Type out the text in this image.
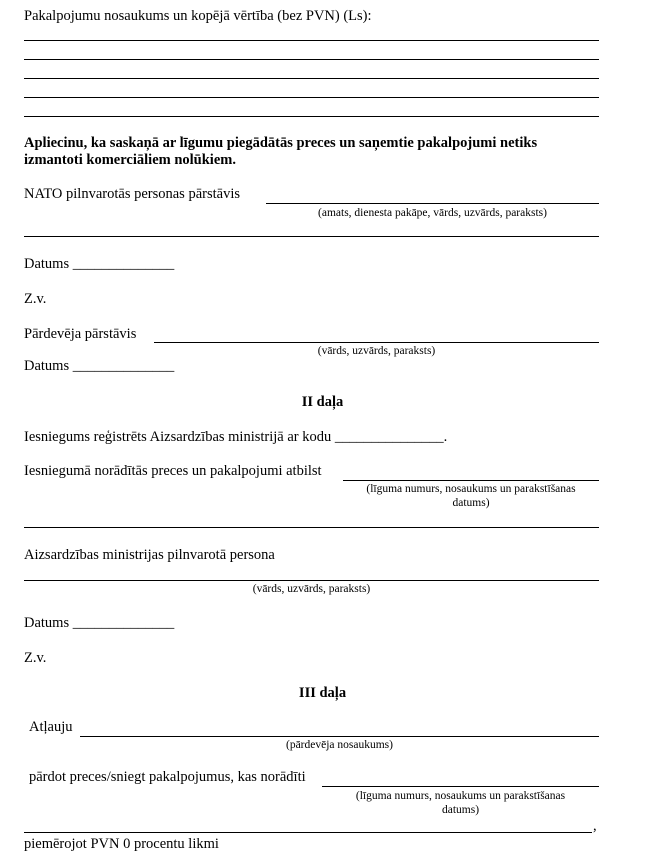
Pakalpojumu nosaukums un kopējā vērtība (bez PVN) (Ls):
Apliecinu, ka saskaņā ar līgumu piegādātās preces un saņemtie pakalpojumi netiks
izmantoti komerciāliem nolūkiem.
NATO pilnvarotās personas pārstāvis
(amats, dienesta pakāpe, vārds, uzvārds, paraksts)
Datums ______________
Z.v.
Pārdevēja pārstāvis
(vārds, uzvārds, paraksts)
Datums ______________
II daļa
Iesniegums reģistrēts Aizsardzības ministrijā ar kodu _______________.
Iesniegumā norādītās preces un pakalpojumi atbilst
(līguma numurs, nosaukums un parakstīšanas
datums)
Aizsardzības ministrijas pilnvarotā persona
(vārds, uzvārds, paraksts)
Datums ______________
Z.v.
III daļa
Atļauju
(pārdevēja nosaukums)
pārdot preces/sniegt pakalpojumus, kas norādīti
(līguma numurs, nosaukums un parakstīšanas
datums)
,
piemērojot PVN 0 procentu likmi
